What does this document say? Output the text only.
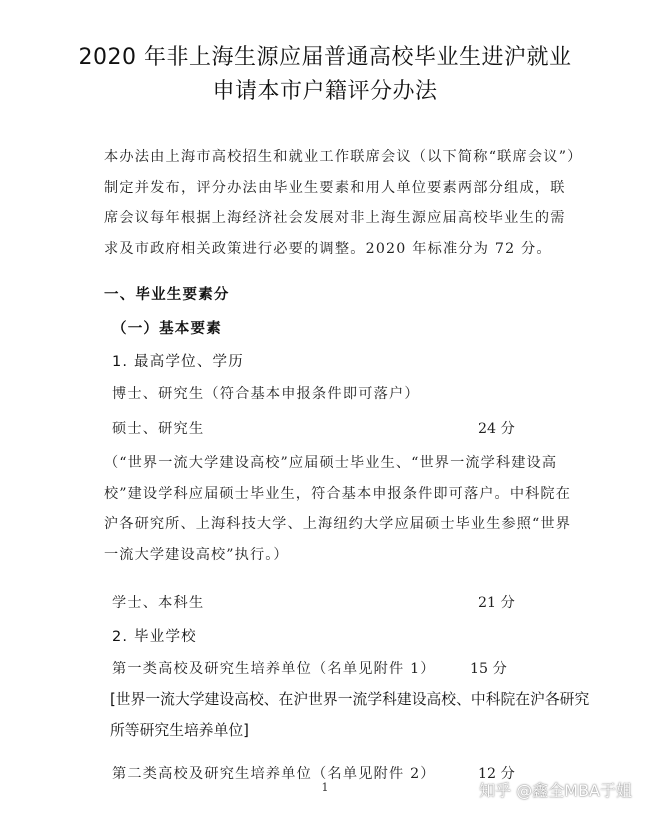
2020 年非上海生源应届普通高校毕业生进沪就业
申请本市户籍评分办法
本办法由上海市高校招生和就业工作联席会议（以下简称“联席会议”）制定并发布，评分办法由毕业生要素和用人单位要素两部分组成，联席会议每年根据上海经济社会发展对非上海生源应届高校毕业生的需求及市政府相关政策进行必要的调整。2020 年标准分为 72 分。
一、毕业生要素分
（一）基本要素
1. 最高学位、学历
博士、研究生（符合基本申报条件即可落户）
硕士、研究生	24 分
（“世界一流大学建设高校”应届硕士毕业生、“世界一流学科建设高校”建设学科应届硕士毕业生，符合基本申报条件即可落户。中科院在沪各研究所、上海科技大学、上海纽约大学应届硕士毕业生参照“世界一流大学建设高校”执行。）
学士、本科生	21 分
2. 毕业学校
第一类高校及研究生培养单位（名单见附件 1） 15 分
[世界一流大学建设高校、在沪世界一流学科建设高校、中科院在沪各研究所等研究生培养单位]
第二类高校及研究生培养单位（名单见附件 2）	12 分
1	知乎 @鑫全MBA于姐
